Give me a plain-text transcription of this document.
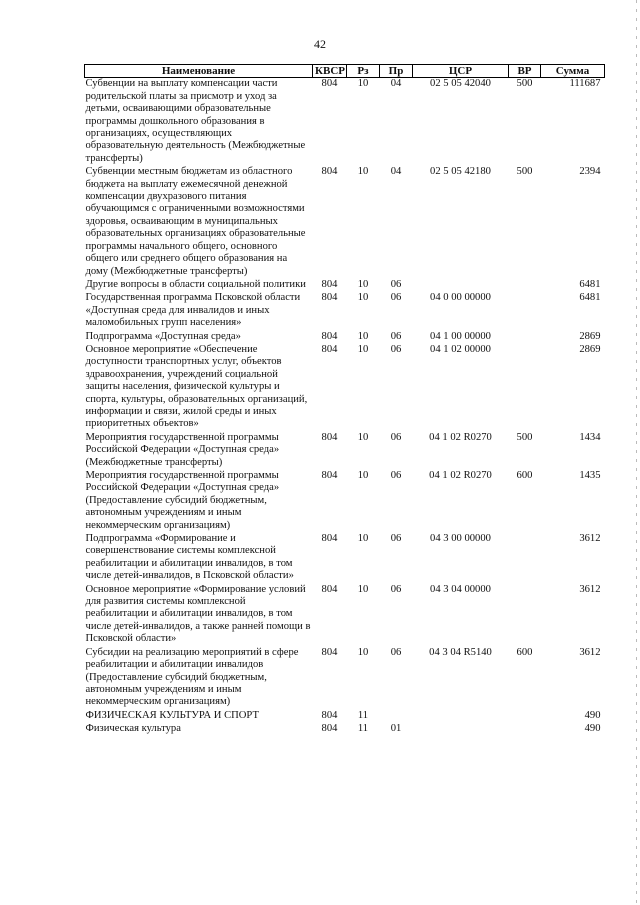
42
Наименование	КВСР	Рз	Пр	ЦСР	ВР	Сумма
Субвенции на выплату компенсации части родительской платы за присмотр и уход за детьми, осваивающими образовательные программы дошкольного образования в организациях, осуществляющих образовательную деятельность (Межбюджетные трансферты)	804	10	04	02 5 05 42040	500	111687
Субвенции местным бюджетам из областного бюджета на выплату ежемесячной денежной компенсации двухразового питания обучающимся с ограниченными возможностями здоровья, осваивающим в муниципальных образовательных организациях образовательные программы начального общего, основного общего или среднего общего образования на дому (Межбюджетные трансферты)	804	10	04	02 5 05 42180	500	2394
Другие вопросы в области социальной политики	804	10	06			6481
Государственная программа Псковской области «Доступная среда для инвалидов и иных маломобильных групп населения»	804	10	06	04 0 00 00000		6481
Подпрограмма «Доступная среда»	804	10	06	04 1 00 00000		2869
Основное мероприятие «Обеспечение доступности транспортных услуг, объектов здравоохранения, учреждений социальной защиты населения, физической культуры и спорта, культуры, образовательных организаций, информации и связи, жилой среды и иных приоритетных объектов»	804	10	06	04 1 02 00000		2869
Мероприятия государственной программы Российской Федерации «Доступная среда» (Межбюджетные трансферты)	804	10	06	04 1 02 R0270	500	1434
Мероприятия государственной программы Российской Федерации «Доступная среда» (Предоставление субсидий бюджетным, автономным учреждениям и иным некоммерческим организациям)	804	10	06	04 1 02 R0270	600	1435
Подпрограмма «Формирование и совершенствование системы комплексной реабилитации и абилитации инвалидов, в том числе детей-инвалидов, в Псковской области»	804	10	06	04 3 00 00000		3612
Основное мероприятие «Формирование условий для развития системы комплексной реабилитации и абилитации инвалидов, в том числе детей-инвалидов, а также ранней помощи в Псковской области»	804	10	06	04 3 04 00000		3612
Субсидии на реализацию мероприятий в сфере реабилитации и абилитации инвалидов (Предоставление субсидий бюджетным, автономным учреждениям и иным некоммерческим организациям)	804	10	06	04 3 04 R5140	600	3612
ФИЗИЧЕСКАЯ КУЛЬТУРА И СПОРТ	804	11				490
Физическая культура	804	11	01			490
